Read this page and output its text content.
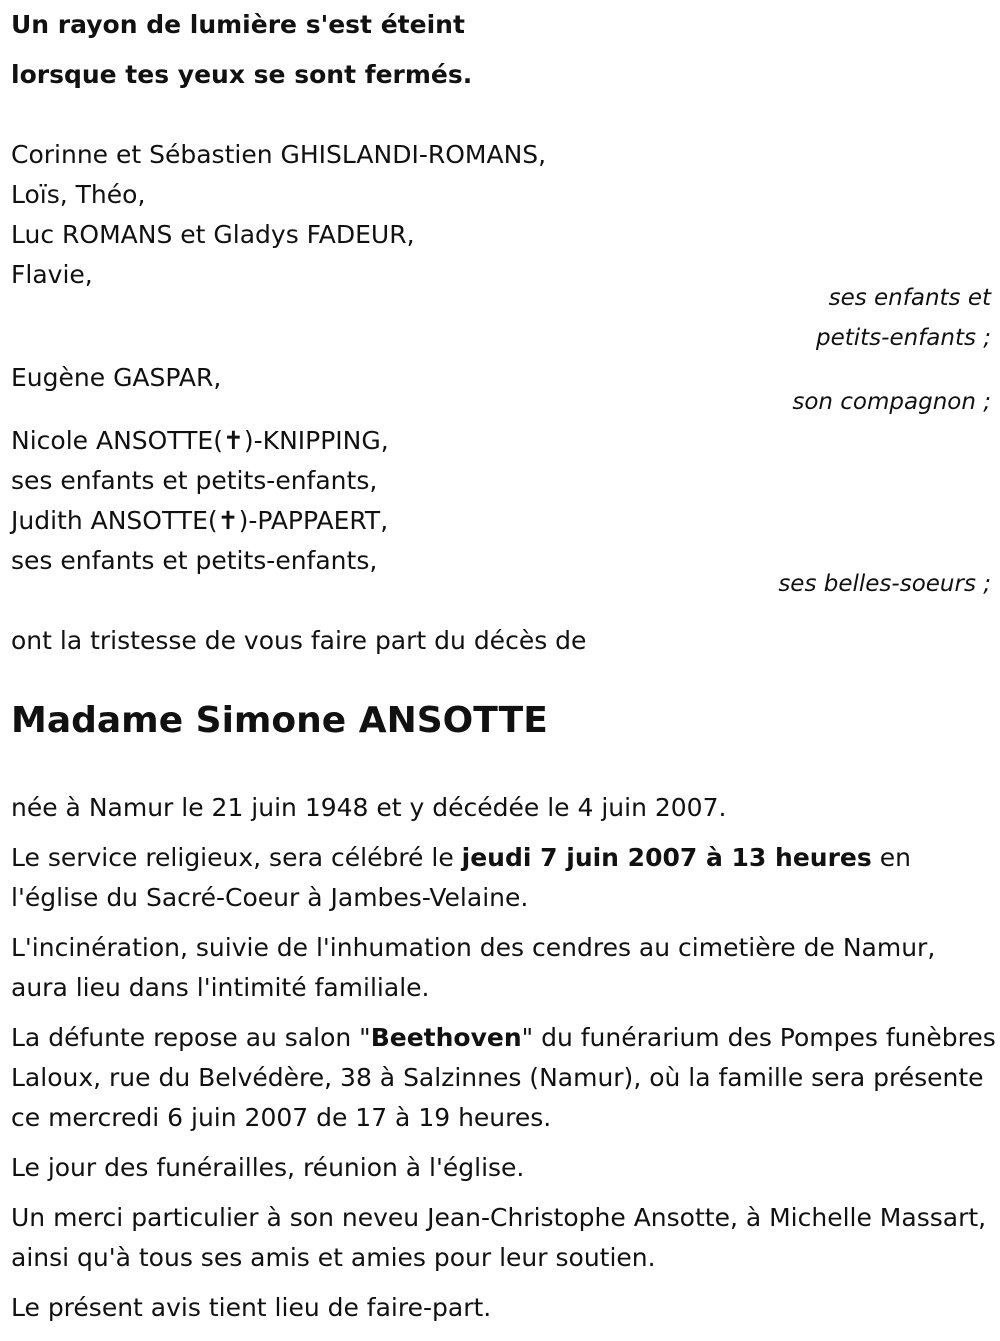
Un rayon de lumière s'est éteint
lorsque tes yeux se sont fermés.
Corinne et Sébastien GHISLANDI-ROMANS,
Loïs, Théo,
Luc ROMANS et Gladys FADEUR,
Flavie,
ses enfants et
petits-enfants ;
Eugène GASPAR,
son compagnon ;
Nicole ANSOTTE(✝)-KNIPPING,
ses enfants et petits-enfants,
Judith ANSOTTE(✝)-PAPPAERT,
ses enfants et petits-enfants,
ses belles-soeurs ;
ont la tristesse de vous faire part du décès de
Madame Simone ANSOTTE
née à Namur le 21 juin 1948 et y décédée le 4 juin 2007.
Le service religieux, sera célébré le jeudi 7 juin 2007 à 13 heures en l'église du Sacré-Coeur à Jambes-Velaine.
L'incinération, suivie de l'inhumation des cendres au cimetière de Namur, aura lieu dans l'intimité familiale.
La défunte repose au salon "Beethoven" du funérarium des Pompes funèbres Laloux, rue du Belvédère, 38 à Salzinnes (Namur), où la famille sera présente ce mercredi 6 juin 2007 de 17 à 19 heures.
Le jour des funérailles, réunion à l'église.
Un merci particulier à son neveu Jean-Christophe Ansotte, à Michelle Massart, ainsi qu'à tous ses amis et amies pour leur soutien.
Le présent avis tient lieu de faire-part.
